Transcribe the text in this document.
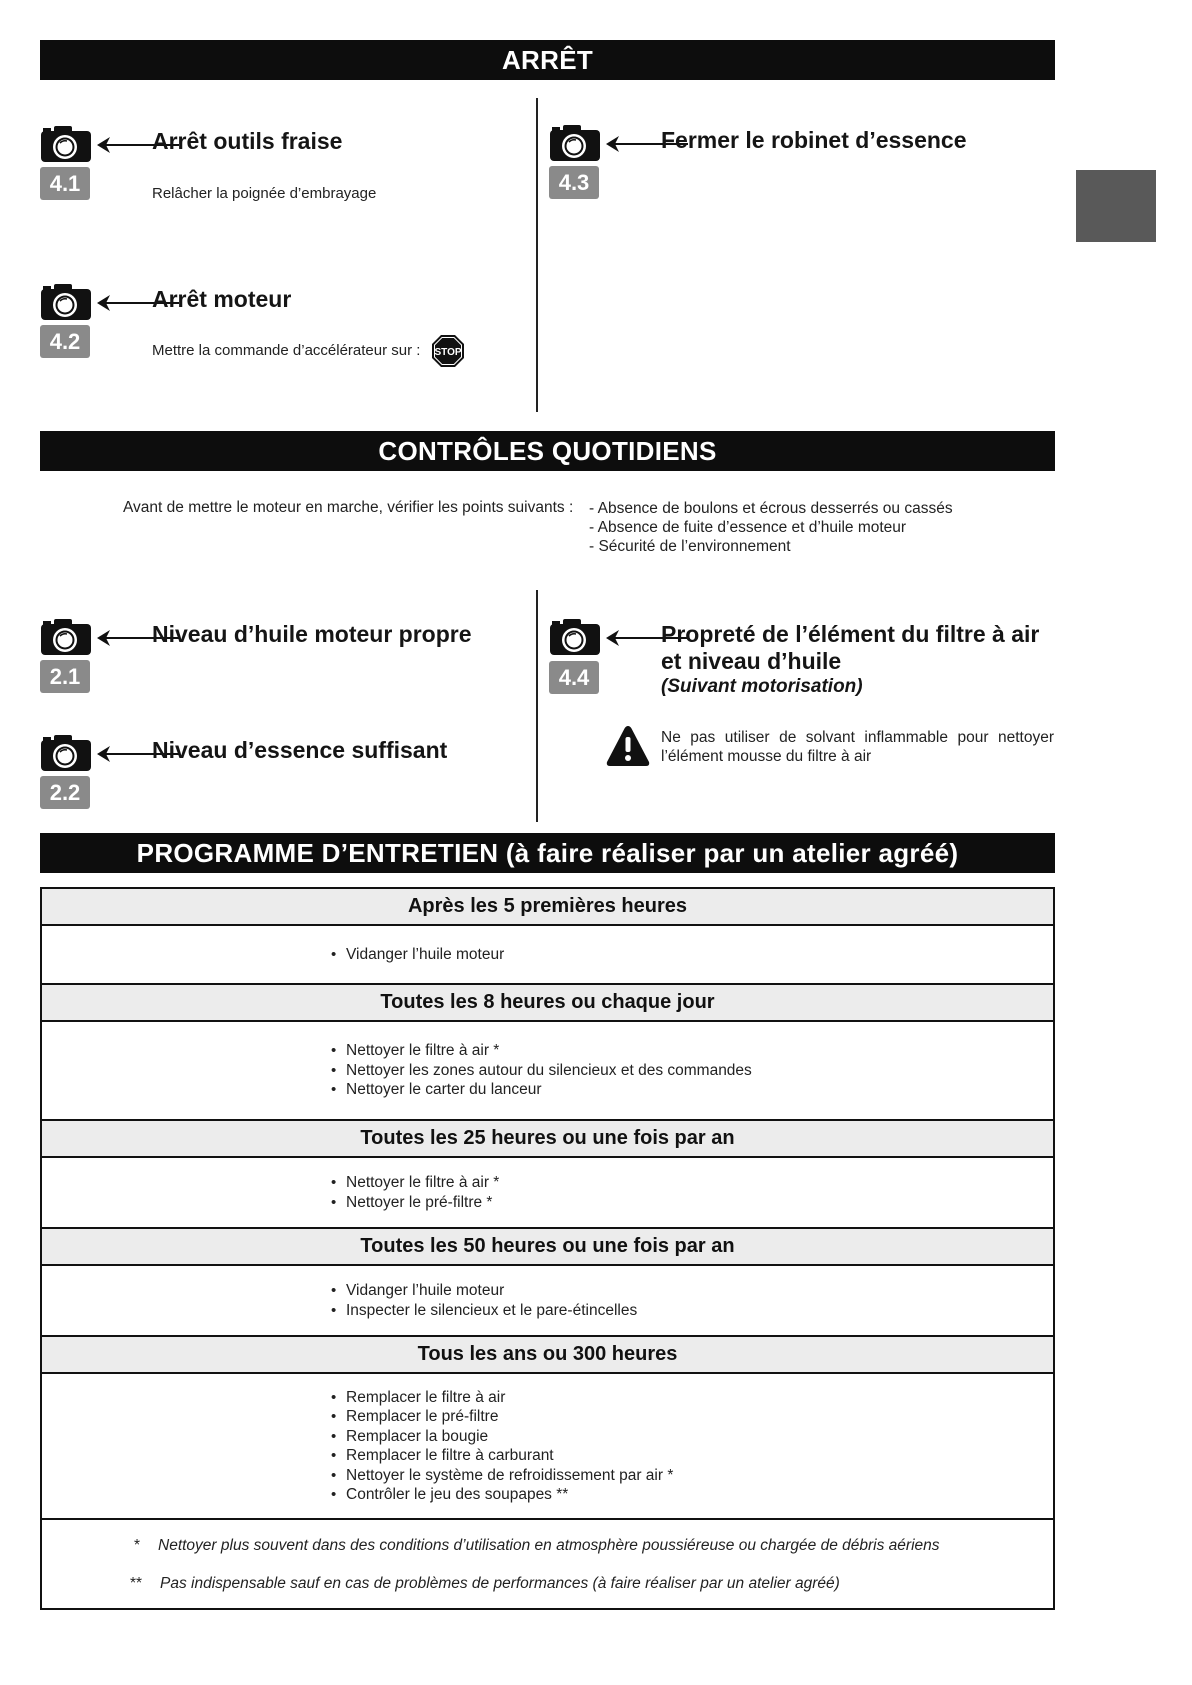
ARRÊT
4.1
Arrêt outils fraise
Relâcher la poignée d’embrayage
4.2
Arrêt moteur
Mettre la commande d’accélérateur sur : STOP
4.3
Fermer le robinet d’essence
CONTRÔLES QUOTIDIENS
Avant de mettre le moteur en marche, vérifier les points suivants : - Absence de boulons et écrous desserrés ou cassés
- Absence de fuite d’essence et d’huile moteur
- Sécurité de l’environnement
2.1
Niveau d’huile moteur propre
2.2
Niveau d’essence suffisant
4.4
Propreté de l’élément du filtre à air
et niveau d’huile
(Suivant motorisation)
Ne pas utiliser de solvant inflammable pour nettoyer l’élément mousse du filtre à air
PROGRAMME D’ENTRETIEN (à faire réaliser par un atelier agréé)
Après les 5 premières heures
• Vidanger l’huile moteur
Toutes les 8 heures ou chaque jour
• Nettoyer le filtre à air *
• Nettoyer les zones autour du silencieux et des commandes
• Nettoyer le carter du lanceur
Toutes les 25 heures ou une fois par an
• Nettoyer le filtre à air *
• Nettoyer le pré-filtre *
Toutes les 50 heures ou une fois par an
• Vidanger l’huile moteur
• Inspecter le silencieux et le pare-étincelles
Tous les ans ou 300 heures
• Remplacer le filtre à air
• Remplacer le pré-filtre
• Remplacer la bougie
• Remplacer le filtre à carburant
• Nettoyer le système de refroidissement par air *
• Contrôler le jeu des soupapes **
* Nettoyer plus souvent dans des conditions d’utilisation en atmosphère poussiéreuse ou chargée de débris aériens
** Pas indispensable sauf en cas de problèmes de performances (à faire réaliser par un atelier agréé)
